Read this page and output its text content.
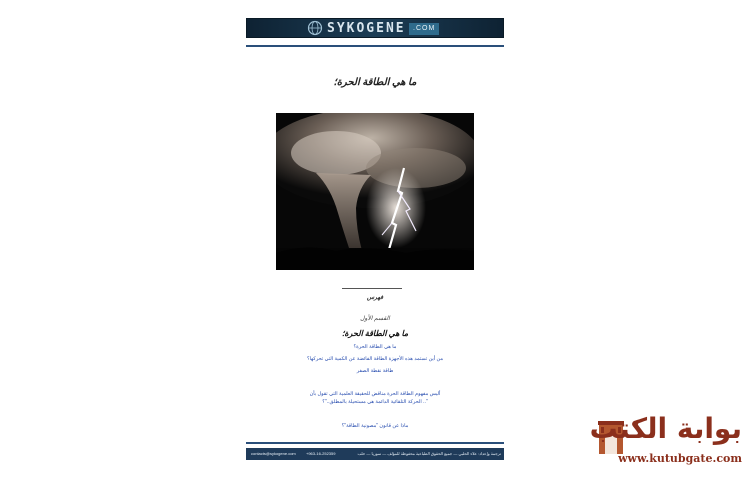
SYKOGENE	.COM
ما هي الطاقة الحرة؛
فهرس
القسم الأول
ما هي الطاقة الحرة؛
ما هي الطاقة الحرة؟
من أين تستمد هذه الأجهزة الطاقة الفائضة عن الكمية التي تحركها؟
طاقة نقطة الصفر
أليس مفهوم الطاقة الحرة مناقض للحقيقة العلمية التي تقول بأن
".. الحركة التلقائية الدائمة هي مستحيلة بالمطلق.."؟
ماذا عن قانون "مصونية الطاقة"؟
contacts@sykogene.com	+963-16-252359	ترجمة وإعداد: علاء الحلبي — جميع الحقوق الطباعية محفوظة للمؤلف — سوريا — حلب
بوابة الكتب
www.kutubgate.com
